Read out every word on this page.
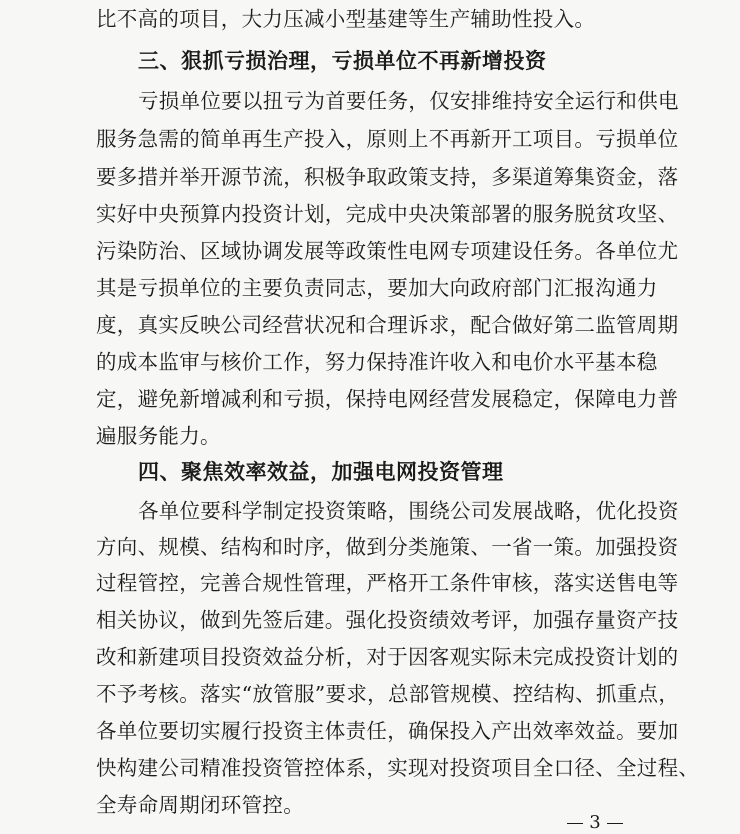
比不高的项目，大力压减小型基建等生产辅助性投入。
三、狠抓亏损治理，亏损单位不再新增投资
亏损单位要以扭亏为首要任务，仅安排维持安全运行和供电
服务急需的简单再生产投入，原则上不再新开工项目。亏损单位
要多措并举开源节流，积极争取政策支持，多渠道筹集资金，落
实好中央预算内投资计划，完成中央决策部署的服务脱贫攻坚、
污染防治、区域协调发展等政策性电网专项建设任务。各单位尤
其是亏损单位的主要负责同志，要加大向政府部门汇报沟通力
度，真实反映公司经营状况和合理诉求，配合做好第二监管周期
的成本监审与核价工作，努力保持准许收入和电价水平基本稳
定，避免新增减利和亏损，保持电网经营发展稳定，保障电力普
遍服务能力。
四、聚焦效率效益，加强电网投资管理
各单位要科学制定投资策略，围绕公司发展战略，优化投资
方向、规模、结构和时序，做到分类施策、一省一策。加强投资
过程管控，完善合规性管理，严格开工条件审核，落实送售电等
相关协议，做到先签后建。强化投资绩效考评，加强存量资产技
改和新建项目投资效益分析，对于因客观实际未完成投资计划的
不予考核。落实“放管服”要求，总部管规模、控结构、抓重点，
各单位要切实履行投资主体责任，确保投入产出效率效益。要加
快构建公司精准投资管控体系，实现对投资项目全口径、全过程、
全寿命周期闭环管控。
3
